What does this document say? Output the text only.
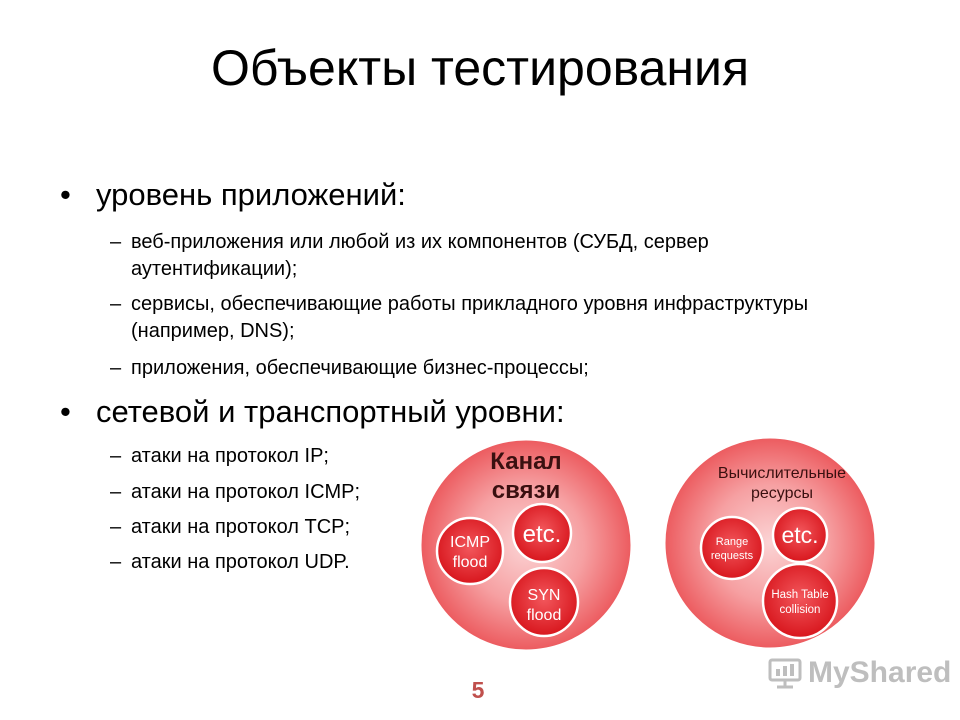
Объекты тестирования
• уровень приложений:
– веб-приложения или любой из их компонентов (СУБД, сервер аутентификации);
– сервисы, обеспечивающие работы прикладного уровня инфраструктуры (например, DNS);
– приложения, обеспечивающие бизнес-процессы;
• сетевой и транспортный уровни:
– атаки на протокол IP;
– атаки на протокол ICMP;
– атаки на протокол TCP;
– атаки на протокол UDP.
Канал
связи
ICMP
flood
etc.
SYN
flood
Вычислительные
ресурсы
Range
requests
etc.
Hash Table
collision
5
MyShared
